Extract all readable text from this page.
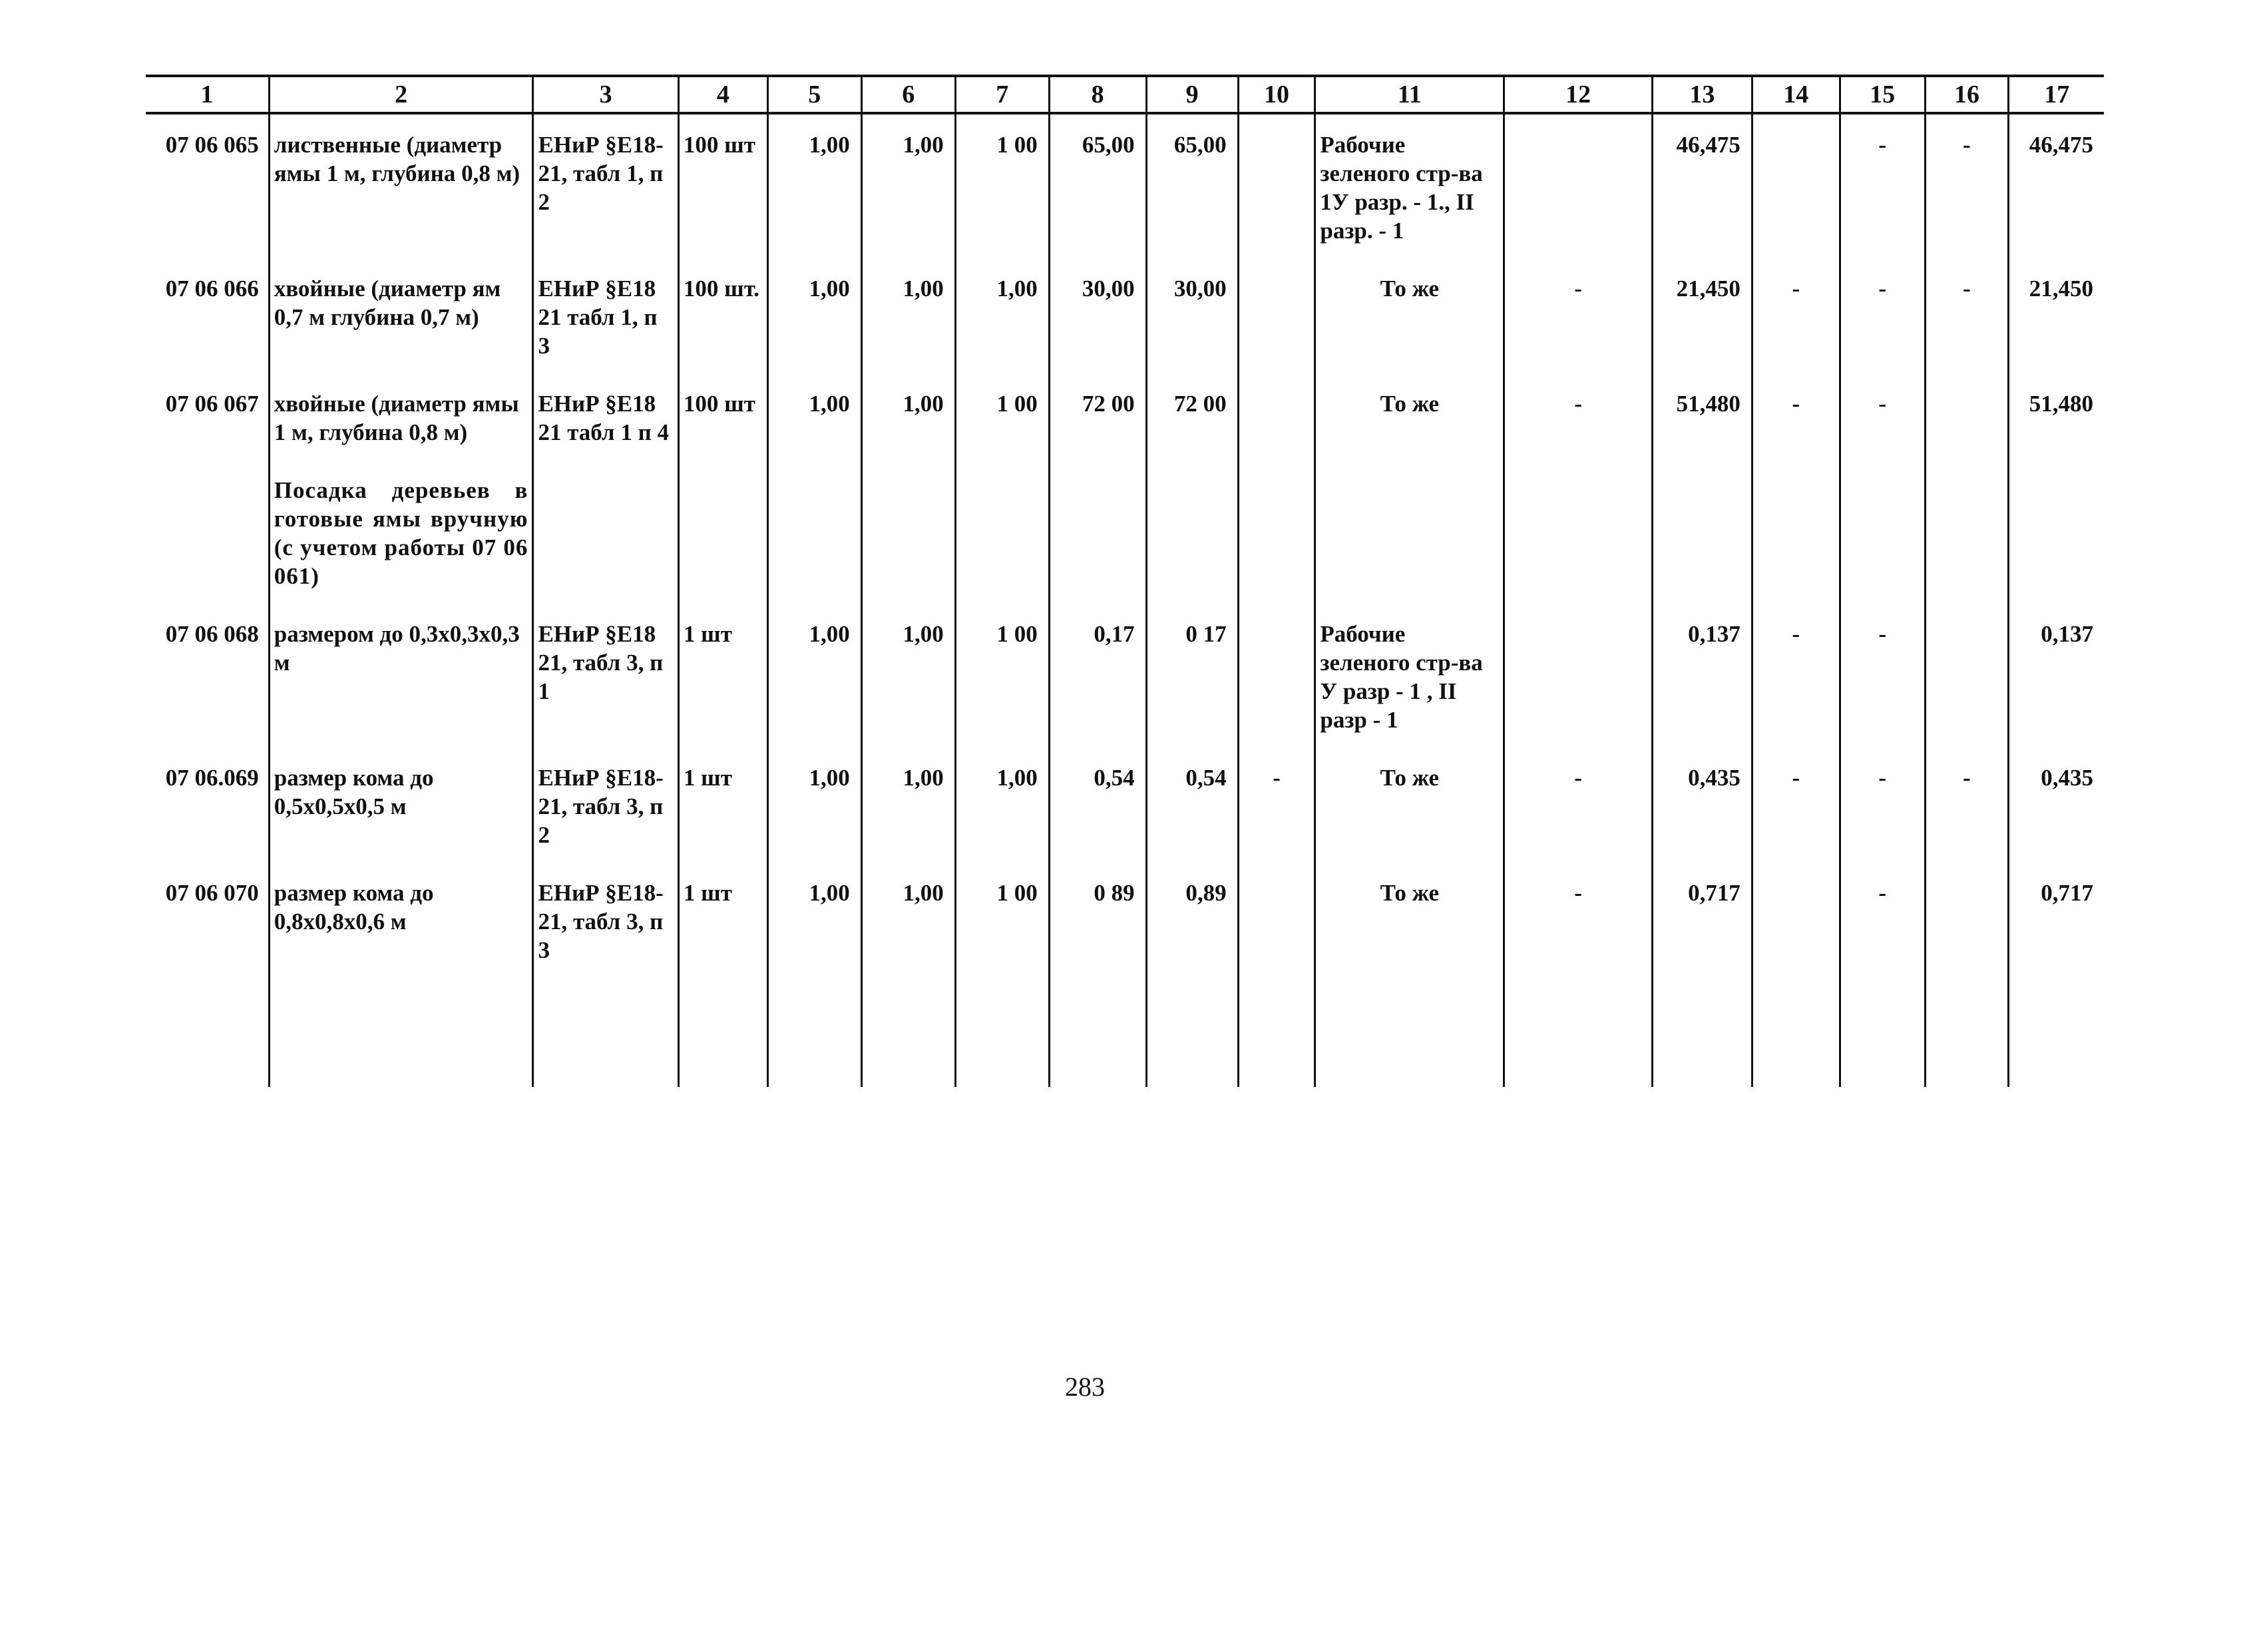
1	2	3	4	5	6	7	8	9	10	11	12	13	14	15	16	17
07 06 065	лиственные (диаметр ямы 1 м, глубина 0,8 м)	ЕНиР §Е18-21, табл 1, п 2	100 шт	1,00	1,00	1 00	65,00	65,00		Рабочие зеленого стр-ва 1У разр. - 1., II разр. - 1		46,475		-	-	46,475
07 06 066	хвойные (диаметр ям 0,7 м глубина 0,7 м)	ЕНиР §Е18 21 табл 1, п 3	100 шт.	1,00	1,00	1,00	30,00	30,00		То же	-	21,450	-	-	-	21,450
07 06 067	хвойные (диаметр ямы 1 м, глубина 0,8 м)	ЕНиР §Е18 21 табл 1 п 4	100 шт	1,00	1,00	1 00	72 00	72 00		То же	-	51,480	-	-		51,480
	Посадка деревьев в готовые ямы вручную (с учетом работы 07 06 061)															
07 06 068	размером до 0,3х0,3х0,3 м	ЕНиР §Е18 21, табл 3, п 1	1 шт	1,00	1,00	1 00	0,17	0 17		Рабочие зеленого стр-ва У разр - 1 , II разр - 1		0,137	-	-		0,137
07 06.069	размер кома до 0,5х0,5х0,5 м	ЕНиР §Е18-21, табл 3, п 2	1 шт	1,00	1,00	1,00	0,54	0,54	-	То же	-	0,435	-	-	-	0,435
07 06 070	размер кома до 0,8х0,8х0,6 м	ЕНиР §Е18-21, табл 3, п 3	1 шт	1,00	1,00	1 00	0 89	0,89		То же	-	0,717		-		0,717

283
